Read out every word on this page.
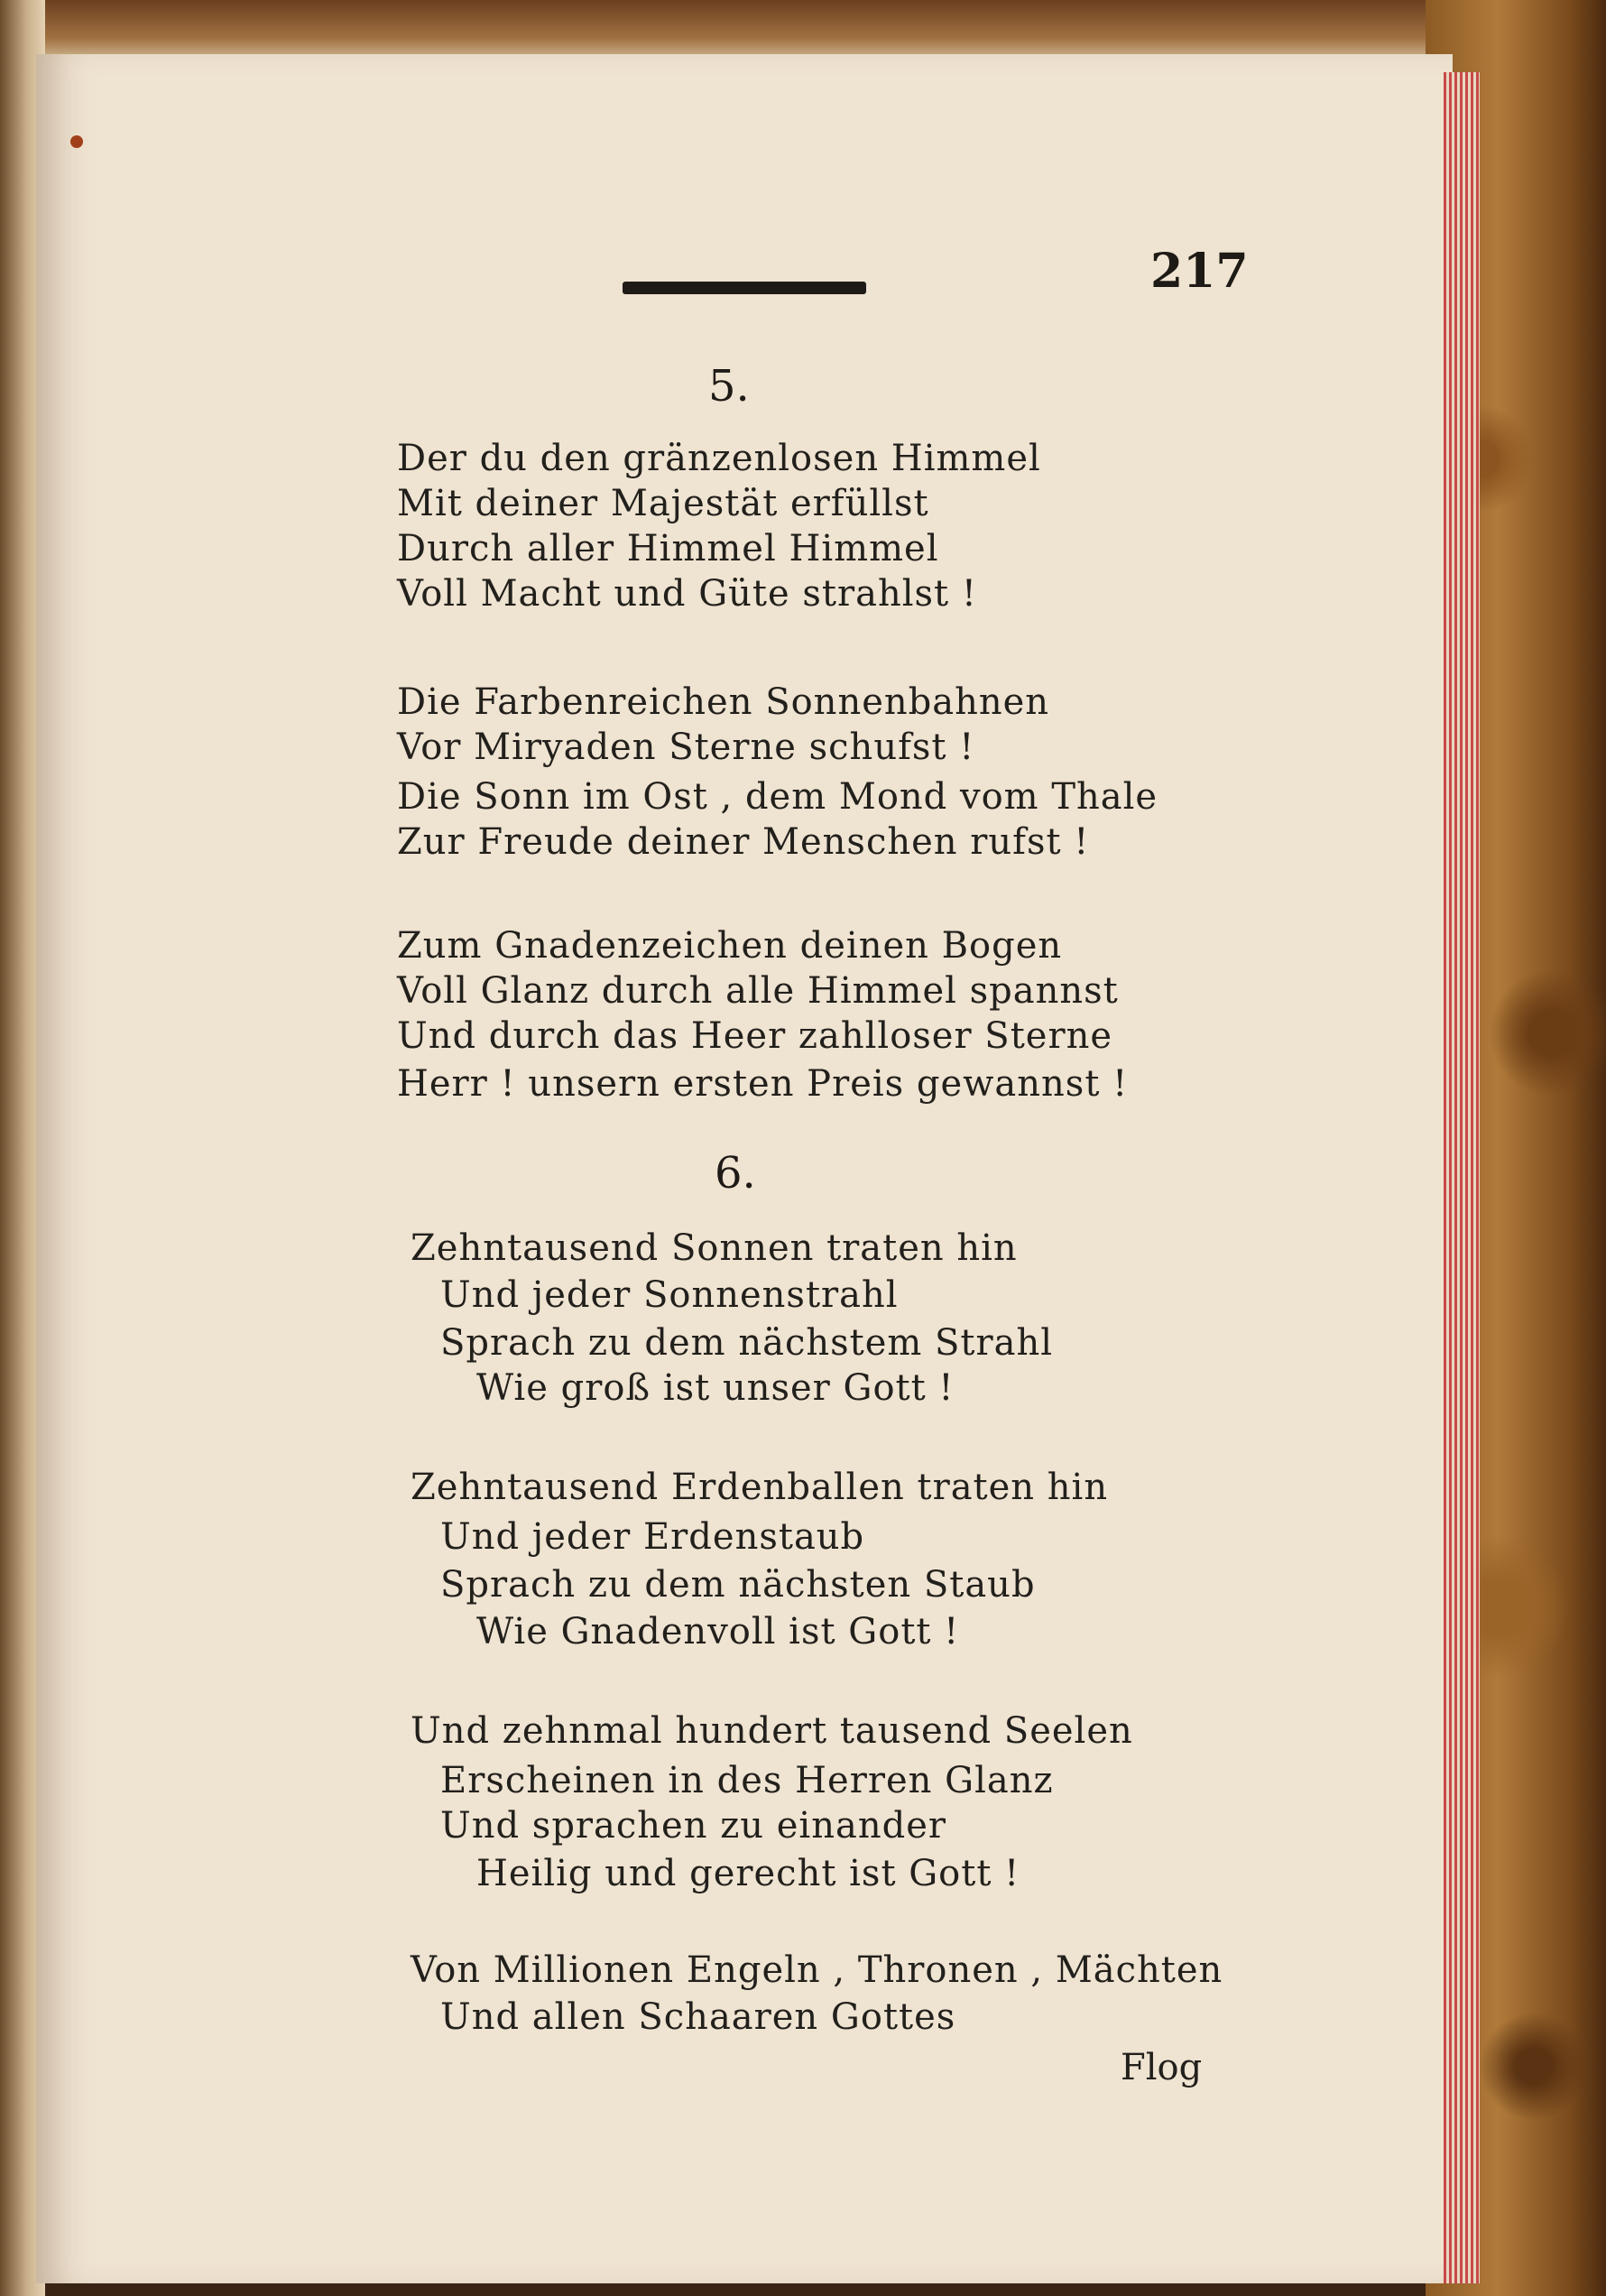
217
5.
Der du den gränzenlosen Himmel
Mit deiner Majestät erfüllst
Durch aller Himmel Himmel
Voll Macht und Güte strahlst !
Die Farbenreichen Sonnenbahnen
Vor Miryaden Sterne schufst !
Die Sonn im Ost , dem Mond vom Thale
Zur Freude deiner Menschen rufst !
Zum Gnadenzeichen deinen Bogen
Voll Glanz durch alle Himmel spannst
Und durch das Heer zahlloser Sterne
Herr ! unsern ersten Preis gewannst !
6.
Zehntausend Sonnen traten hin
Und jeder Sonnenstrahl
Sprach zu dem nächstem Strahl
Wie groß ist unser Gott !
Zehntausend Erdenballen traten hin
Und jeder Erdenstaub
Sprach zu dem nächsten Staub
Wie Gnadenvoll ist Gott !
Und zehnmal hundert tausend Seelen
Erscheinen in des Herren Glanz
Und sprachen zu einander
Heilig und gerecht ist Gott !
Von Millionen Engeln , Thronen , Mächten
Und allen Schaaren Gottes
Flog
